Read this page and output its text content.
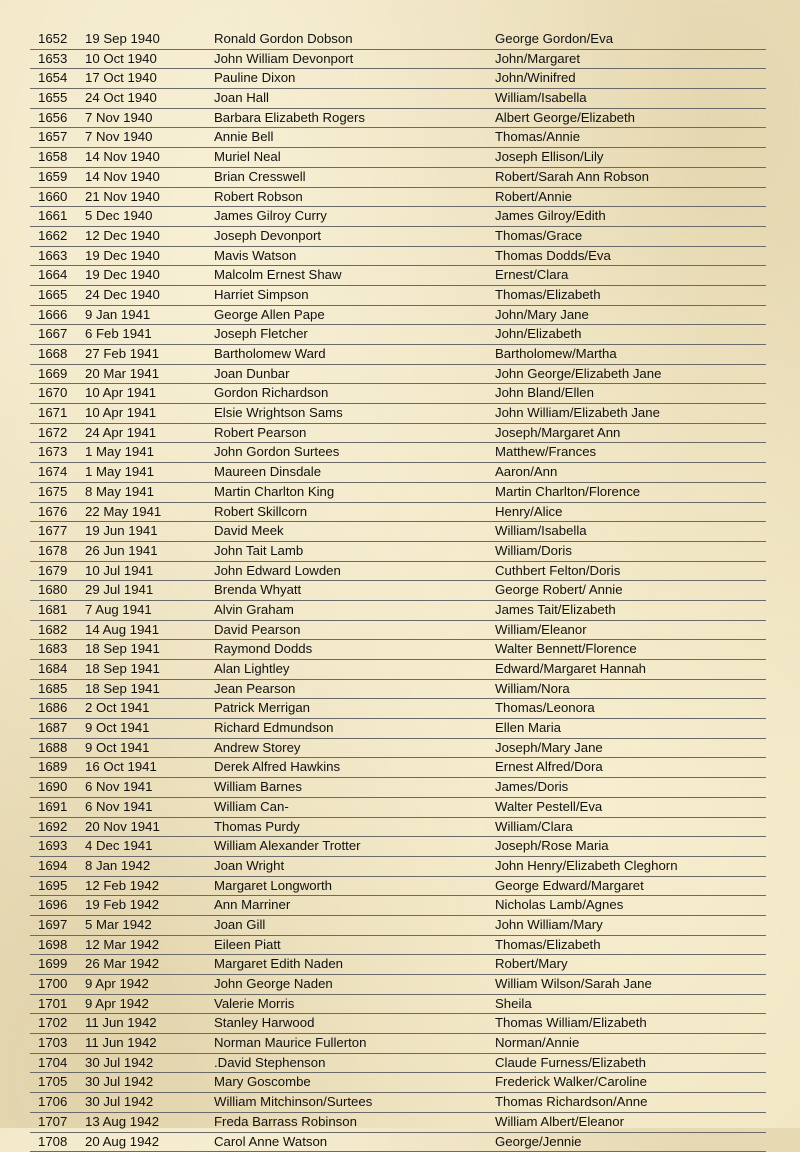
1652 19 Sep 1940	Ronald Gordon Dobson	George Gordon/Eva
1653 10 Oct 1940	John William Devonport	John/Margaret
1654 17 Oct 1940	Pauline Dixon	John/Winifred
1655 24 Oct 1940	Joan Hall	William/Isabella
1656 7 Nov 1940	Barbara Elizabeth Rogers	Albert George/Elizabeth
1657 7 Nov 1940	Annie Bell	Thomas/Annie
1658 14 Nov 1940	Muriel Neal	Joseph Ellison/Lily
1659 14 Nov 1940	Brian Cresswell	Robert/Sarah Ann Robson
1660 21 Nov 1940	Robert Robson	Robert/Annie
1661 5 Dec 1940	James Gilroy Curry	James Gilroy/Edith
1662 12 Dec 1940	Joseph Devonport	Thomas/Grace
1663 19 Dec 1940	Mavis Watson	Thomas Dodds/Eva
1664 19 Dec 1940	Malcolm Ernest Shaw	Ernest/Clara
1665 24 Dec 1940	Harriet Simpson	Thomas/Elizabeth
1666 9 Jan 1941	George Allen Pape	John/Mary Jane
1667 6 Feb 1941	Joseph Fletcher	John/Elizabeth
1668 27 Feb 1941	Bartholomew Ward	Bartholomew/Martha
1669 20 Mar 1941	Joan Dunbar	John George/Elizabeth Jane
1670 10 Apr 1941	Gordon Richardson	John Bland/Ellen
1671 10 Apr 1941	Elsie Wrightson Sams	John William/Elizabeth Jane
1672 24 Apr 1941	Robert Pearson	Joseph/Margaret Ann
1673 1 May 1941	John Gordon Surtees	Matthew/Frances
1674 1 May 1941	Maureen Dinsdale	Aaron/Ann
1675 8 May 1941	Martin Charlton King	Martin Charlton/Florence
1676 22 May 1941	Robert Skillcorn	Henry/Alice
1677 19 Jun 1941	David Meek	William/Isabella
1678 26 Jun 1941	John Tait Lamb	William/Doris
1679 10 Jul 1941	John Edward Lowden	Cuthbert Felton/Doris
1680 29 Jul 1941	Brenda Whyatt	George Robert/ Annie
1681 7 Aug 1941	Alvin Graham	James Tait/Elizabeth
1682 14 Aug 1941	David Pearson	William/Eleanor
1683 18 Sep 1941	Raymond Dodds	Walter Bennett/Florence
1684 18 Sep 1941	Alan Lightley	Edward/Margaret Hannah
1685 18 Sep 1941	Jean Pearson	William/Nora
1686 2 Oct 1941	Patrick Merrigan	Thomas/Leonora
1687 9 Oct 1941	Richard Edmundson	Ellen Maria
1688 9 Oct 1941	Andrew Storey	Joseph/Mary Jane
1689 16 Oct 1941	Derek Alfred Hawkins	Ernest Alfred/Dora
1690 6 Nov 1941	William Barnes	James/Doris
1691 6 Nov 1941	William Can-	Walter Pestell/Eva
1692 20 Nov 1941	Thomas Purdy	William/Clara
1693 4 Dec 1941	William Alexander Trotter	Joseph/Rose Maria
1694 8 Jan 1942	Joan Wright	John Henry/Elizabeth Cleghorn
1695 12 Feb 1942	Margaret Longworth	George Edward/Margaret
1696 19 Feb 1942	Ann Marriner	Nicholas Lamb/Agnes
1697 5 Mar 1942	Joan Gill	John William/Mary
1698 12 Mar 1942	Eileen Piatt	Thomas/Elizabeth
1699 26 Mar 1942	Margaret Edith Naden	Robert/Mary
1700 9 Apr 1942	John George Naden	William Wilson/Sarah Jane
1701 9 Apr 1942	Valerie Morris	Sheila
1702 11 Jun 1942	Stanley Harwood	Thomas William/Elizabeth
1703 11 Jun 1942	Norman Maurice Fullerton	Norman/Annie
1704 30 Jul 1942	.David Stephenson	Claude Furness/Elizabeth
1705 30 Jul 1942	Mary Goscombe	Frederick Walker/Caroline
1706 30 Jul 1942	William Mitchinson/Surtees	Thomas Richardson/Anne
1707 13 Aug 1942	Freda Barrass Robinson	William Albert/Eleanor
1708 20 Aug 1942	Carol Anne Watson	George/Jennie
